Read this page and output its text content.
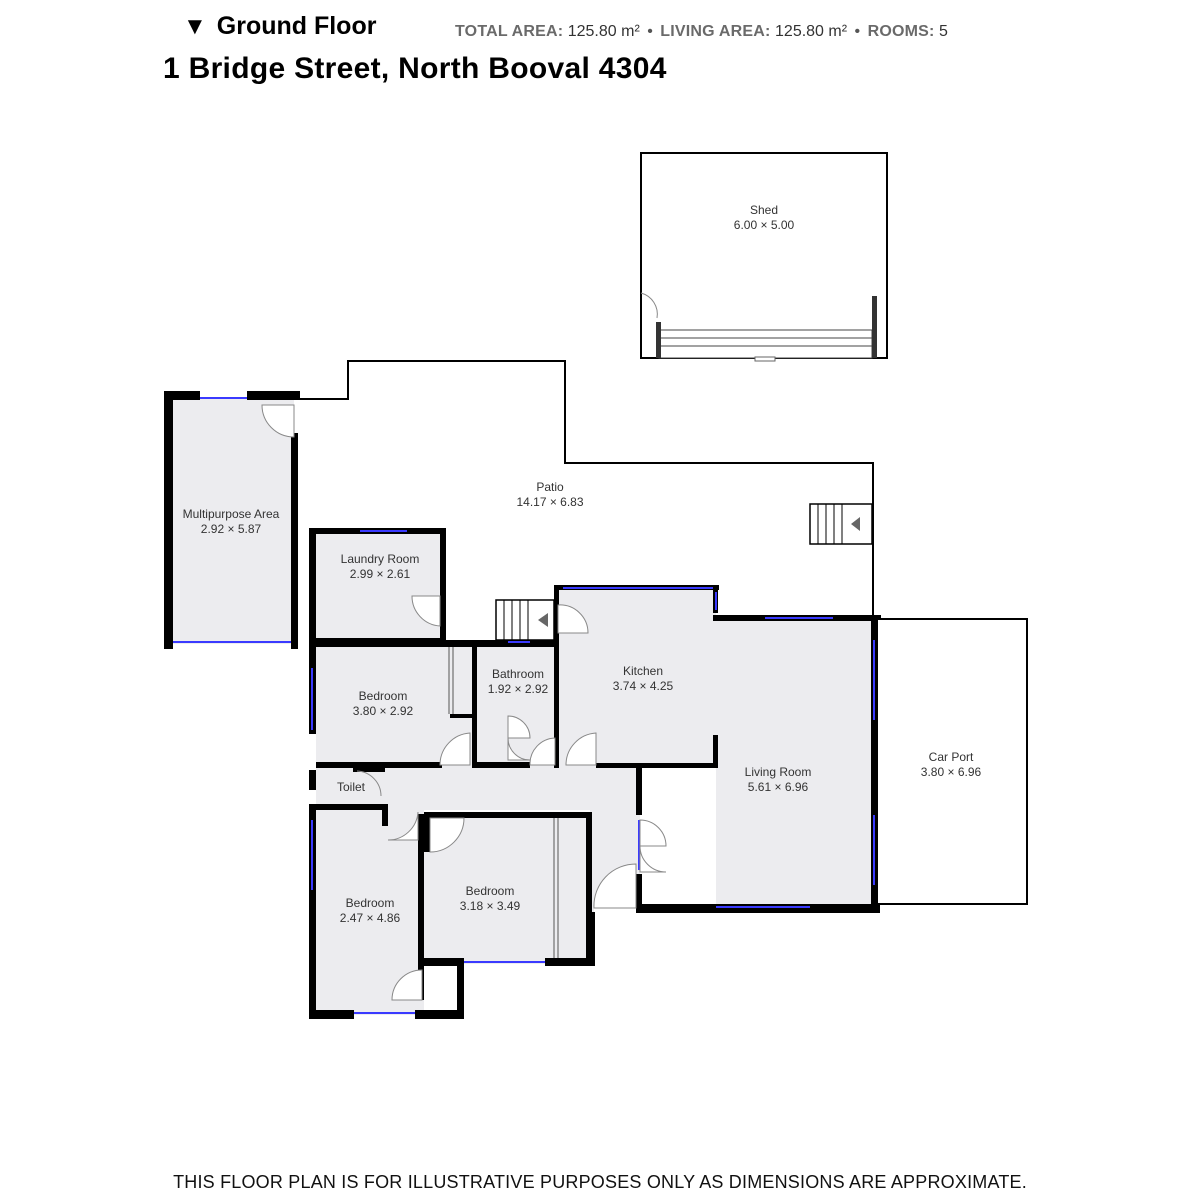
▼ Ground Floor	TOTAL AREA: 125.80 m² • LIVING AREA: 125.80 m² • ROOMS: 5
1 Bridge Street, North Booval 4304
Shed
6.00 × 5.00
Patio
14.17 × 6.83
Multipurpose Area
2.92 × 5.87
Car Port
3.80 × 6.96
Laundry Room
2.99 × 2.61
Bathroom
1.92 × 2.92
Kitchen
3.74 × 4.25
Bedroom
3.80 × 2.92
Living Room
5.61 × 6.96
Toilet
Bedroom
2.47 × 4.86
Bedroom
3.18 × 3.49
THIS FLOOR PLAN IS FOR ILLUSTRATIVE PURPOSES ONLY AS DIMENSIONS ARE APPROXIMATE.
